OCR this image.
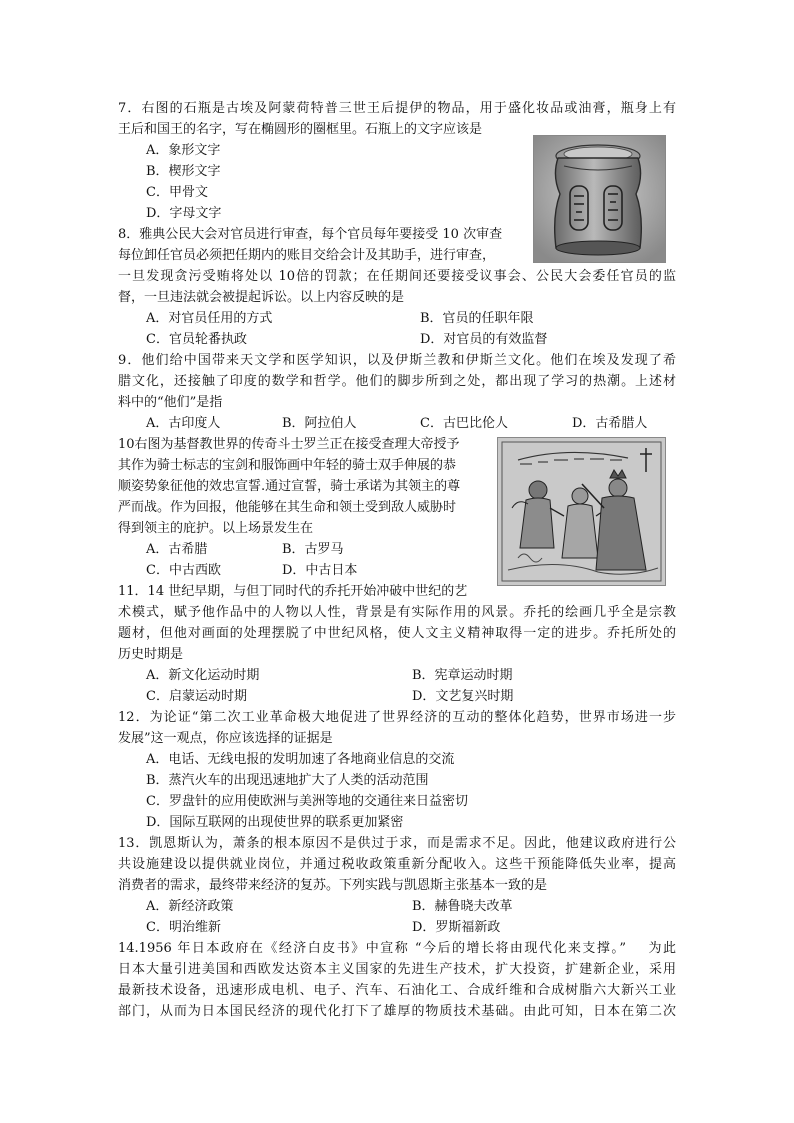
7．右图的石瓶是古埃及阿蒙荷特普三世王后提伊的物品，用于盛化妆品或油膏，瓶身上有
王后和国王的名字，写在椭圆形的圈框里。石瓶上的文字应该是
A．象形文字
B．楔形文字
C．甲骨文
D．字母文字
8．雅典公民大会对官员进行审查，每个官员每年要接受 10 次审查
每位卸任官员必须把任期内的账目交给会计及其助手，进行审查，
一旦发现贪污受贿将处以 10倍的罚款；在任期间还要接受议事会、公民大会委任官员的监
督，一旦违法就会被提起诉讼。以上内容反映的是
A．对官员任用的方式	B．官员的任职年限
C．官员轮番执政	D．对官员的有效监督
9．他们给中国带来天文学和医学知识，以及伊斯兰教和伊斯兰文化。他们在埃及发现了希
腊文化，还接触了印度的数学和哲学。他们的脚步所到之处，都出现了学习的热潮。上述材
料中的“他们”是指
A．古印度人	B．阿拉伯人	C．古巴比伦人	D．古希腊人
10右图为基督教世界的传奇斗士罗兰正在接受查理大帝授予
其作为骑士标志的宝剑和服饰画中年轻的骑士双手伸展的恭
顺姿势象征他的效忠宣誓.通过宣誓，骑士承诺为其领主的尊
严而战。作为回报，他能够在其生命和领土受到敌人威胁时
得到领主的庇护。以上场景发生在
A．古希腊	B．古罗马
C．中古西欧	D．中古日本
11．14 世纪早期，与但丁同时代的乔托开始冲破中世纪的艺
术模式，赋予他作品中的人物以人性，背景是有实际作用的风景。乔托的绘画几乎全是宗教
题材，但他对画面的处理摆脱了中世纪风格，使人文主义精神取得一定的进步。乔托所处的
历史时期是
A．新文化运动时期	B．宪章运动时期
C．启蒙运动时期	D．文艺复兴时期
12．为论证“第二次工业革命极大地促进了世界经济的互动的整体化趋势，世界市场进一步
发展”这一观点，你应该选择的证据是
A．电话、无线电报的发明加速了各地商业信息的交流
B．蒸汽火车的出现迅速地扩大了人类的活动范围
C．罗盘针的应用使欧洲与美洲等地的交通往来日益密切
D．国际互联网的出现使世界的联系更加紧密
13．凯恩斯认为，萧条的根本原因不是供过于求，而是需求不足。因此，他建议政府进行公
共设施建设以提供就业岗位，并通过税收政策重新分配收入。这些干预能降低失业率，提高
消费者的需求，最终带来经济的复苏。下列实践与凯恩斯主张基本一致的是
A．新经济政策	B．赫鲁晓夫改革
C．明治维新	D．罗斯福新政
14.1956 年日本政府在《经济白皮书》中宣称 “今后的增长将由现代化来支撑。”    为此
日本大量引进美国和西欧发达资本主义国家的先进生产技术，扩大投资，扩建新企业，采用
最新技术设备，迅速形成电机、电子、汽车、石油化工、合成纤维和合成树脂六大新兴工业
部门，从而为日本国民经济的现代化打下了雄厚的物质技术基础。由此可知，日本在第二次
